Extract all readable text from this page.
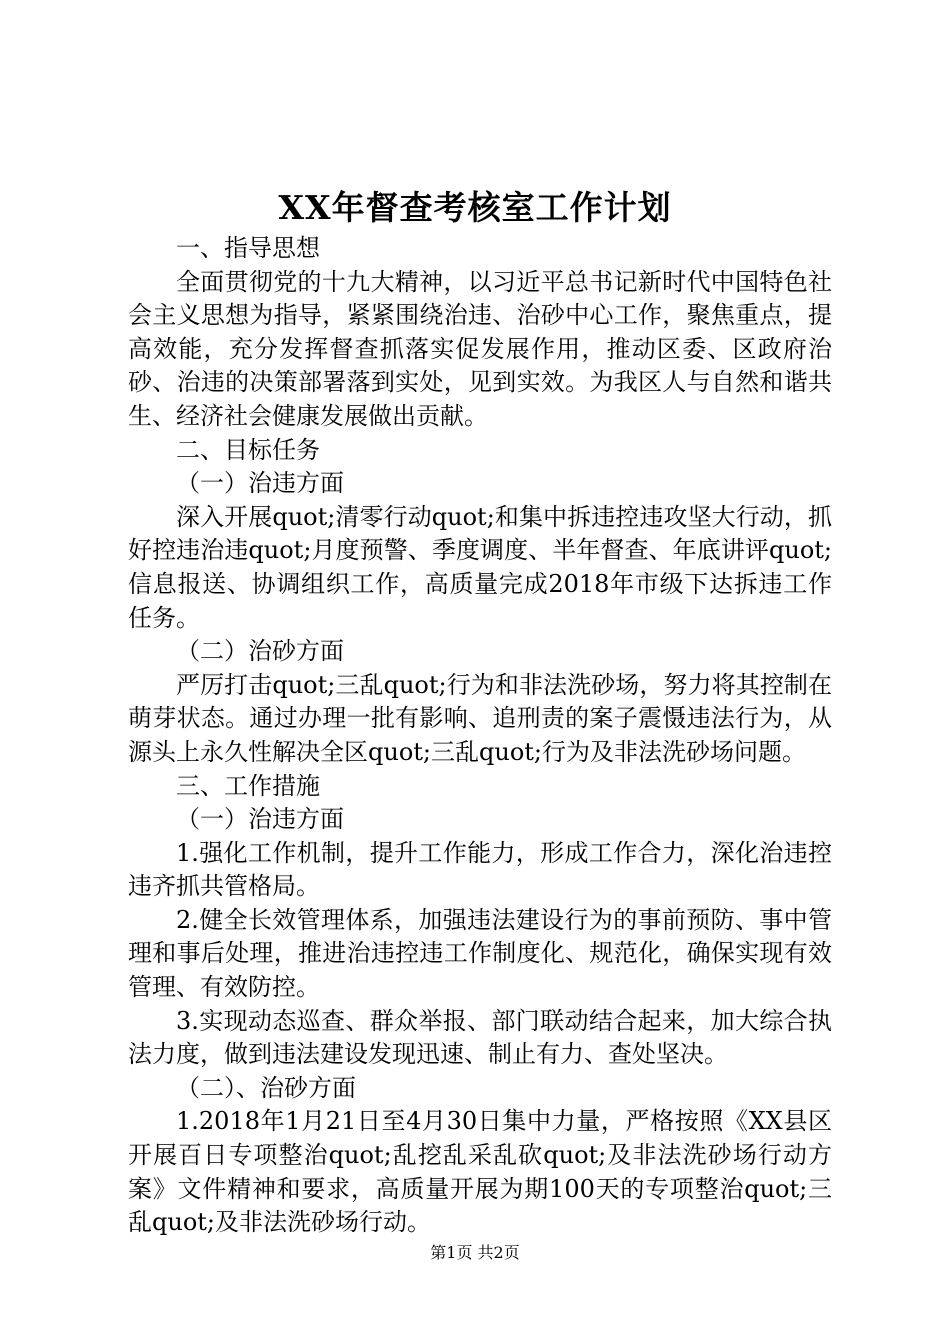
XX年督查考核室工作计划
一、指导思想

全面贯彻党的十九大精神，以习近平总书记新时代中国特色社会主义思想为指导，紧紧围绕治违、治砂中心工作，聚焦重点，提高效能，充分发挥督查抓落实促发展作用，推动区委、区政府治砂、治违的决策部署落到实处，见到实效。为我区人与自然和谐共生、经济社会健康发展做出贡献。

二、目标任务
（一）治违方面

深入开展quot;清零行动quot;和集中拆违控违攻坚大行动，抓好控违治违quot;月度预警、季度调度、半年督查、年底讲评quot;信息报送、协调组织工作，高质量完成2018年市级下达拆违工作任务。

（二）治砂方面

严厉打击quot;三乱quot;行为和非法洗砂场，努力将其控制在萌芽状态。通过办理一批有影响、追刑责的案子震慑违法行为，从源头上永久性解决全区quot;三乱quot;行为及非法洗砂场问题。

三、工作措施
（一）治违方面

1.强化工作机制，提升工作能力，形成工作合力，深化治违控违齐抓共管格局。

2.健全长效管理体系，加强违法建设行为的事前预防、事中管理和事后处理，推进治违控违工作制度化、规范化，确保实现有效管理、有效防控。

3.实现动态巡查、群众举报、部门联动结合起来，加大综合执法力度，做到违法建设发现迅速、制止有力、查处坚决。

（二）、治砂方面

1.2018年1月21日至4月30日集中力量，严格按照《XX县区开展百日专项整治quot;乱挖乱采乱砍quot;及非法洗砂场行动方案》文件精神和要求，高质量开展为期100天的专项整治quot;三乱quot;及非法洗砂场行动。

第1页 共2页
